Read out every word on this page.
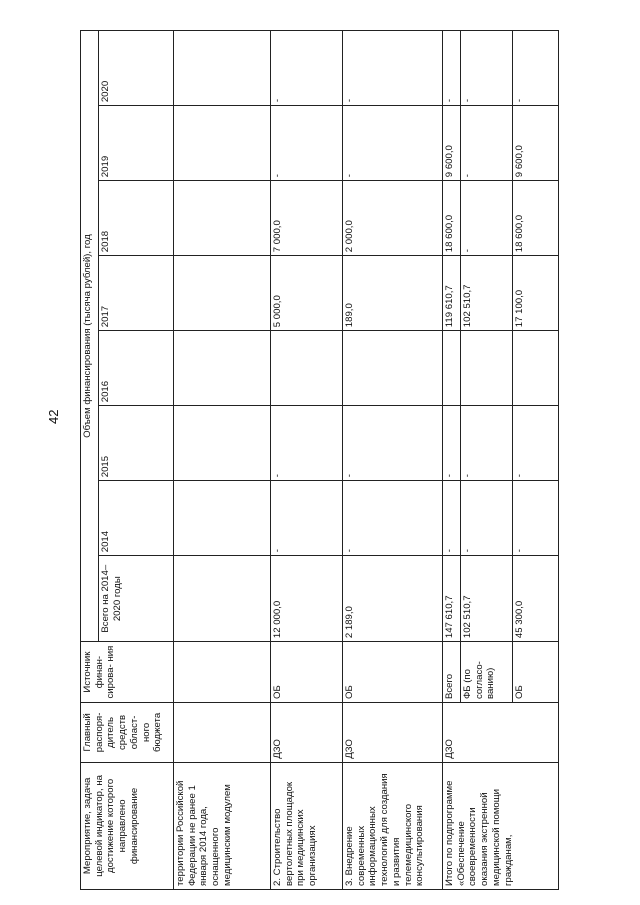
42
Мероприятие, задача целевой индикатор, на достижение которого направлено финансирование	Главный распоря- дитель средств област- ного бюджета	Источник финан- сирова- ния	Объем финансирования (тысяча рублей), год							
			Всего на 2014–2020 годы	2014	2015	2016	2017	2018	2019	2020
территории Российской Федерации не ранее 1 января 2014 года, оснащенного медицинским модулем										
2. Строительство вертолетных площадок при медицинских организациях	ДЗО	ОБ	12 000,0	-	-		5 000,0	7 000,0	-	-
3. Внедрение современных информационных технологий для создания и развития телемедицинского консультирования	ДЗО	ОБ	2 189,0	-	-		189,0	2 000,0	-	-
Итого по подпрограмме «Обеспечение своевременности оказания экстренной медицинской помощи гражданам,	ДЗО	Всего	147 610,7	-	-		119 610,7	18 600,0	9 600,0	-
		ФБ (по согласо- ванию)	102 510,7	-	-		102 510,7	-	-	-
		ОБ	45 300,0	-	-		17 100,0	18 600,0	9 600,0	-
